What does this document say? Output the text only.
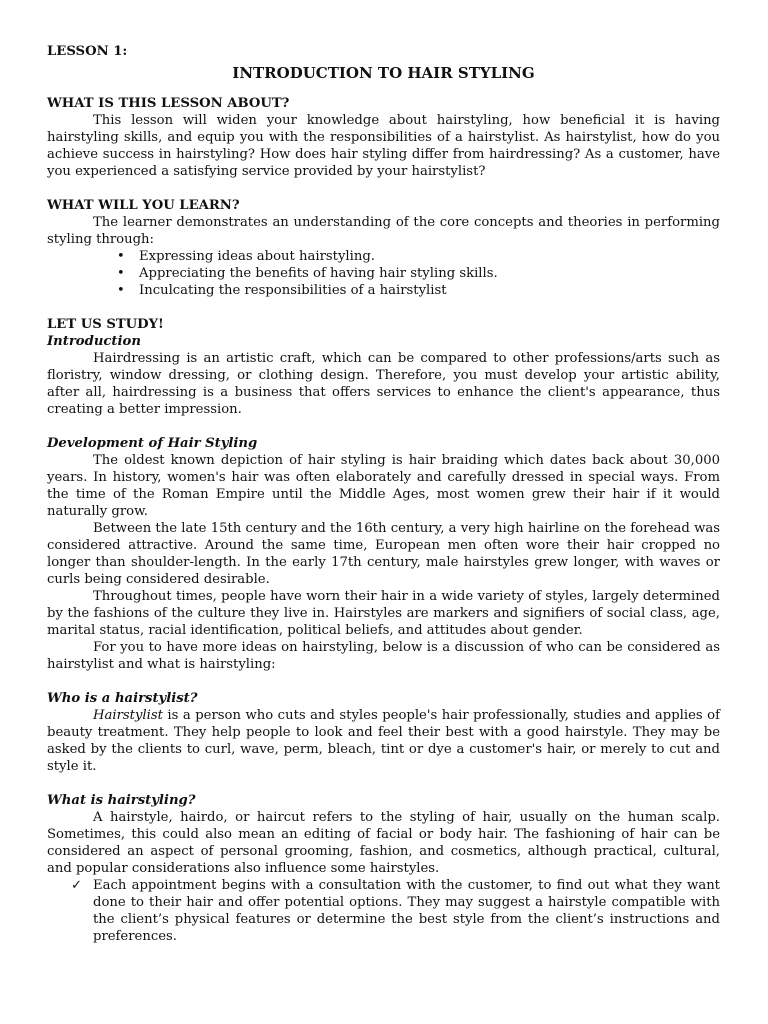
LESSON 1:
INTRODUCTION TO HAIR STYLING
WHAT IS THIS LESSON ABOUT?

This lesson will widen your knowledge about hairstyling, how beneficial it is having hairstyling skills, and equip you with the responsibilities of a hairstylist. As hairstylist, how do you achieve success in hairstyling? How does hair styling differ from hairdressing? As a customer, have you experienced a satisfying service provided by your hairstylist?

WHAT WILL YOU LEARN?

The learner demonstrates an understanding of the core concepts and theories in performing styling through:

• Expressing ideas about hairstyling.
• Appreciating the benefits of having hair styling skills.
• Inculcating the responsibilities of a hairstylist
LET US STUDY!
Introduction

Hairdressing is an artistic craft, which can be compared to other professions/arts such as floristry, window dressing, or clothing design. Therefore, you must develop your artistic ability, after all, hairdressing is a business that offers services to enhance the client's appearance, thus creating a better impression.

Development of Hair Styling

The oldest known depiction of hair styling is hair braiding which dates back about 30,000 years. In history, women's hair was often elaborately and carefully dressed in special ways. From the time of the Roman Empire until the Middle Ages, most women grew their hair if it would naturally grow.

Between the late 15th century and the 16th century, a very high hairline on the forehead was considered attractive. Around the same time, European men often wore their hair cropped no longer than shoulder-length. In the early 17th century, male hairstyles grew longer, with waves or curls being considered desirable.

Throughout times, people have worn their hair in a wide variety of styles, largely determined by the fashions of the culture they live in. Hairstyles are markers and signifiers of social class, age, marital status, racial identification, political beliefs, and attitudes about gender.

For you to have more ideas on hairstyling, below is a discussion of who can be considered as hairstylist and what is hairstyling:

Who is a hairstylist?

Hairstylist is a person who cuts and styles people's hair professionally, studies and applies of beauty treatment. They help people to look and feel their best with a good hairstyle. They may be asked by the clients to curl, wave, perm, bleach, tint or dye a customer's hair, or merely to cut and style it.

What is hairstyling?

A hairstyle, hairdo, or haircut refers to the styling of hair, usually on the human scalp. Sometimes, this could also mean an editing of facial or body hair. The fashioning of hair can be considered an aspect of personal grooming, fashion, and cosmetics, although practical, cultural, and popular considerations also influence some hairstyles.

✓ Each appointment begins with a consultation with the customer, to find out what they want done to their hair and offer potential options. They may suggest a hairstyle compatible with the client’s physical features or determine the best style from the client’s instructions and preferences.
